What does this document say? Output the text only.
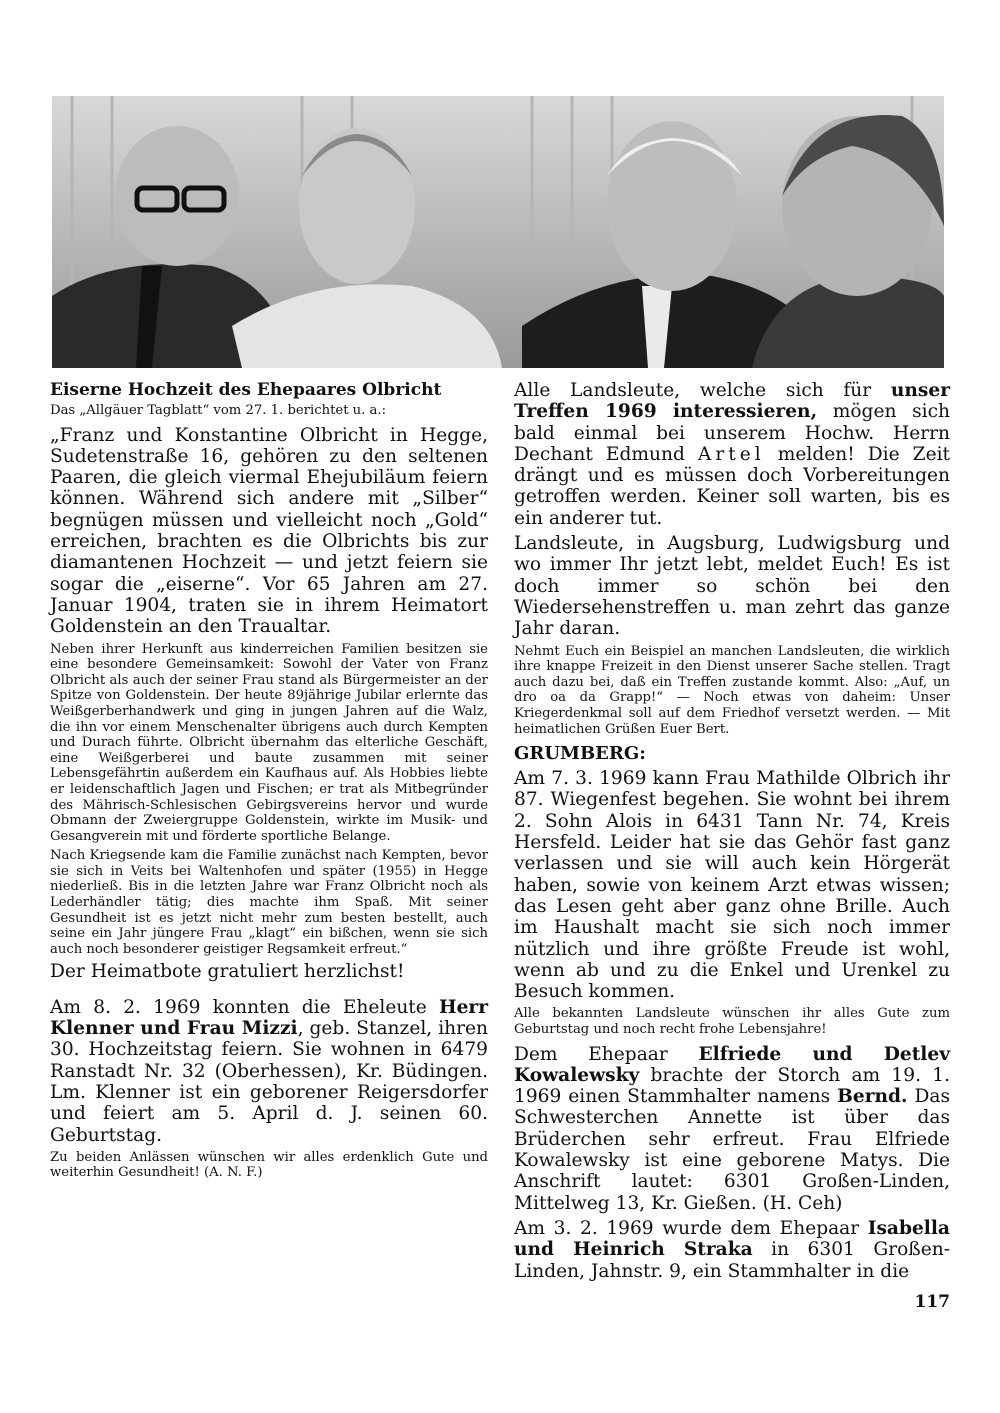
Eiserne Hochzeit des Ehepaares Olbricht

Das „Allgäuer Tagblatt“ vom 27. 1. berichtet u. a.:

„Franz und Konstantine Olbricht in Hegge, Sudetenstraße 16, gehören zu den seltenen Paaren, die gleich viermal Ehejubiläum feiern können. Während sich andere mit „Silber“ begnügen müssen und vielleicht noch „Gold“ erreichen, brachten es die Olbrichts bis zur diamantenen Hochzeit — und jetzt feiern sie sogar die „eiserne“. Vor 65 Jahren am 27. Januar 1904, traten sie in ihrem Heimatort Goldenstein an den Traualtar.

Neben ihrer Herkunft aus kinderreichen Familien besitzen sie eine besondere Gemeinsamkeit: Sowohl der Vater von Franz Olbricht als auch der seiner Frau stand als Bürgermeister an der Spitze von Goldenstein. Der heute 89jährige Jubilar erlernte das Weißgerberhandwerk und ging in jungen Jahren auf die Walz, die ihn vor einem Menschenalter übrigens auch durch Kempten und Durach führte. Olbricht übernahm das elterliche Geschäft, eine Weißgerberei und baute zusammen mit seiner Lebensgefährtin außerdem ein Kaufhaus auf. Als Hobbies liebte er leidenschaftlich Jagen und Fischen; er trat als Mitbegründer des Mährisch-Schlesischen Gebirgsvereins hervor und wurde Obmann der Zweiergruppe Goldenstein, wirkte im Musik- und Gesangverein mit und förderte sportliche Belange.

Nach Kriegsende kam die Familie zunächst nach Kempten, bevor sie sich in Veits bei Waltenhofen und später (1955) in Hegge niederließ. Bis in die letzten Jahre war Franz Olbricht noch als Lederhändler tätig; dies machte ihm Spaß. Mit seiner Gesundheit ist es jetzt nicht mehr zum besten bestellt, auch seine ein Jahr jüngere Frau „klagt“ ein bißchen, wenn sie sich auch noch besonderer geistiger Regsamkeit erfreut.“

Der Heimatbote gratuliert herzlichst!

Am 8. 2. 1969 konnten die Eheleute Herr Klenner und Frau Mizzi, geb. Stanzel, ihren 30. Hochzeitstag feiern. Sie wohnen in 6479 Ranstadt Nr. 32 (Oberhessen), Kr. Büdingen. Lm. Klenner ist ein geborener Reigersdorfer und feiert am 5. April d. J. seinen 60. Geburtstag.

Zu beiden Anlässen wünschen wir alles erdenklich Gute und weiterhin Gesundheit! (A. N. F.)

Alle Landsleute, welche sich für unser Treffen 1969 interessieren, mögen sich bald einmal bei unserem Hochw. Herrn Dechant Edmund Artel melden! Die Zeit drängt und es müssen doch Vorbereitungen getroffen werden. Keiner soll warten, bis es ein anderer tut.

Landsleute, in Augsburg, Ludwigsburg und wo immer Ihr jetzt lebt, meldet Euch! Es ist doch immer so schön bei den Wiedersehenstreffen u. man zehrt das ganze Jahr daran.

Nehmt Euch ein Beispiel an manchen Landsleuten, die wirklich ihre knappe Freizeit in den Dienst unserer Sache stellen. Tragt auch dazu bei, daß ein Treffen zustande kommt. Also: „Auf, un dro oa da Grapp!“ — Noch etwas von daheim: Unser Kriegerdenkmal soll auf dem Friedhof versetzt werden. — Mit heimatlichen Grüßen Euer Bert.

GRUMBERG:

Am 7. 3. 1969 kann Frau Mathilde Olbrich ihr 87. Wiegenfest begehen. Sie wohnt bei ihrem 2. Sohn Alois in 6431 Tann Nr. 74, Kreis Hersfeld. Leider hat sie das Gehör fast ganz verlassen und sie will auch kein Hörgerät haben, sowie von keinem Arzt etwas wissen; das Lesen geht aber ganz ohne Brille. Auch im Haushalt macht sie sich noch immer nützlich und ihre größte Freude ist wohl, wenn ab und zu die Enkel und Urenkel zu Besuch kommen.

Alle bekannten Landsleute wünschen ihr alles Gute zum Geburtstag und noch recht frohe Lebensjahre!

Dem Ehepaar Elfriede und Detlev Kowalewsky brachte der Storch am 19. 1. 1969 einen Stammhalter namens Bernd. Das Schwesterchen Annette ist über das Brüderchen sehr erfreut. Frau Elfriede Kowalewsky ist eine geborene Matys. Die Anschrift lautet: 6301 Großen-Linden, Mittelweg 13, Kr. Gießen. (H. Ceh)

Am 3. 2. 1969 wurde dem Ehepaar Isabella und Heinrich Straka in 6301 Großen-Linden, Jahnstr. 9, ein Stammhalter in die

117
